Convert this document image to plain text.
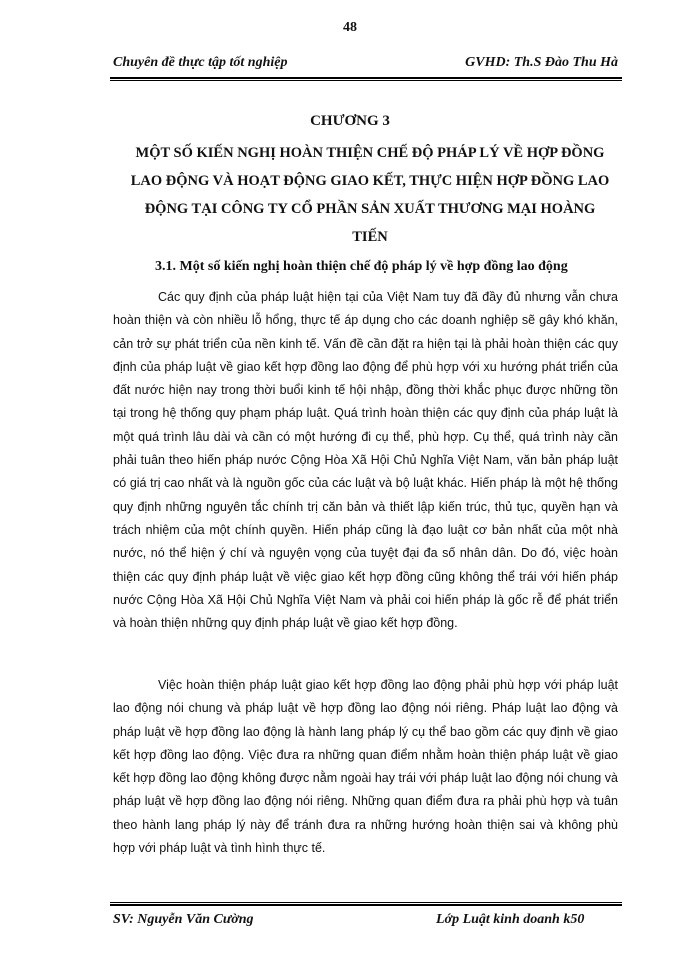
48
Chuyên đề thực tập tốt nghiệp	GVHD: Th.S Đào Thu Hà
CHƯƠNG 3
MỘT SỐ KIẾN NGHỊ HOÀN THIỆN CHẾ ĐỘ PHÁP LÝ VỀ HỢP ĐỒNG LAO ĐỘNG VÀ HOẠT ĐỘNG GIAO KẾT, THỰC HIỆN HỢP ĐỒNG LAO ĐỘNG TẠI CÔNG TY CỔ PHẦN SẢN XUẤT THƯƠNG MẠI HOÀNG TIẾN
3.1. Một số kiến nghị hoàn thiện chế độ pháp lý về hợp đồng lao động

Các quy định của pháp luật hiện tại của Việt Nam tuy đã đầy đủ nhưng vẫn chưa hoàn thiện và còn nhiều lỗ hổng, thực tế áp dụng cho các doanh nghiệp sẽ gây khó khăn, cản trở sự phát triển của nền kinh tế. Vấn đề cần đặt ra hiện tại là phải hoàn thiện các quy định của pháp luật về giao kết hợp đồng lao động để phù hợp với xu hướng phát triển của đất nước hiện nay trong thời buổi kinh tế hội nhập, đồng thời khắc phục được những tồn tại trong hệ thống quy phạm pháp luật. Quá trình hoàn thiện các quy định của pháp luật là một quá trình lâu dài và cần có một hướng đi cụ thể, phù hợp. Cụ thể, quá trình này cần phải tuân theo hiến pháp nước Cộng Hòa Xã Hội Chủ Nghĩa Việt Nam, văn bản pháp luật có giá trị cao nhất và là nguồn gốc của các luật và bộ luật khác. Hiến pháp là một hệ thống quy định những nguyên tắc chính trị căn bản và thiết lập kiến trúc, thủ tục, quyền hạn và trách nhiệm của một chính quyền. Hiến pháp cũng là đạo luật cơ bản nhất của một nhà nước, nó thể hiện ý chí và nguyện vọng của tuyệt đại đa số nhân dân. Do đó, việc hoàn thiện các quy định pháp luật về việc giao kết hợp đồng cũng không thể trái với hiến pháp nước Cộng Hòa Xã Hội Chủ Nghĩa Việt Nam và phải coi hiến pháp là gốc rễ để phát triển và hoàn thiện những quy định pháp luật về giao kết hợp đồng.

Việc hoàn thiện pháp luật giao kết hợp đồng lao động phải phù hợp với pháp luật lao động nói chung và pháp luật về hợp đồng lao động nói riêng. Pháp luật lao động và pháp luật về hợp đồng lao động là hành lang pháp lý cụ thể bao gồm các quy định về giao kết hợp đồng lao động. Việc đưa ra những quan điểm nhằm hoàn thiện pháp luật về giao kết hợp đồng lao động không được nằm ngoài hay trái với pháp luật lao động nói chung và pháp luật về hợp đồng lao động nói riêng. Những quan điểm đưa ra phải phù hợp và tuân theo hành lang pháp lý này để tránh đưa ra những hướng hoàn thiện sai và không phù hợp với pháp luật và tình hình thực tế.

SV: Nguyễn Văn Cường	Lớp Luật kinh doanh k50
